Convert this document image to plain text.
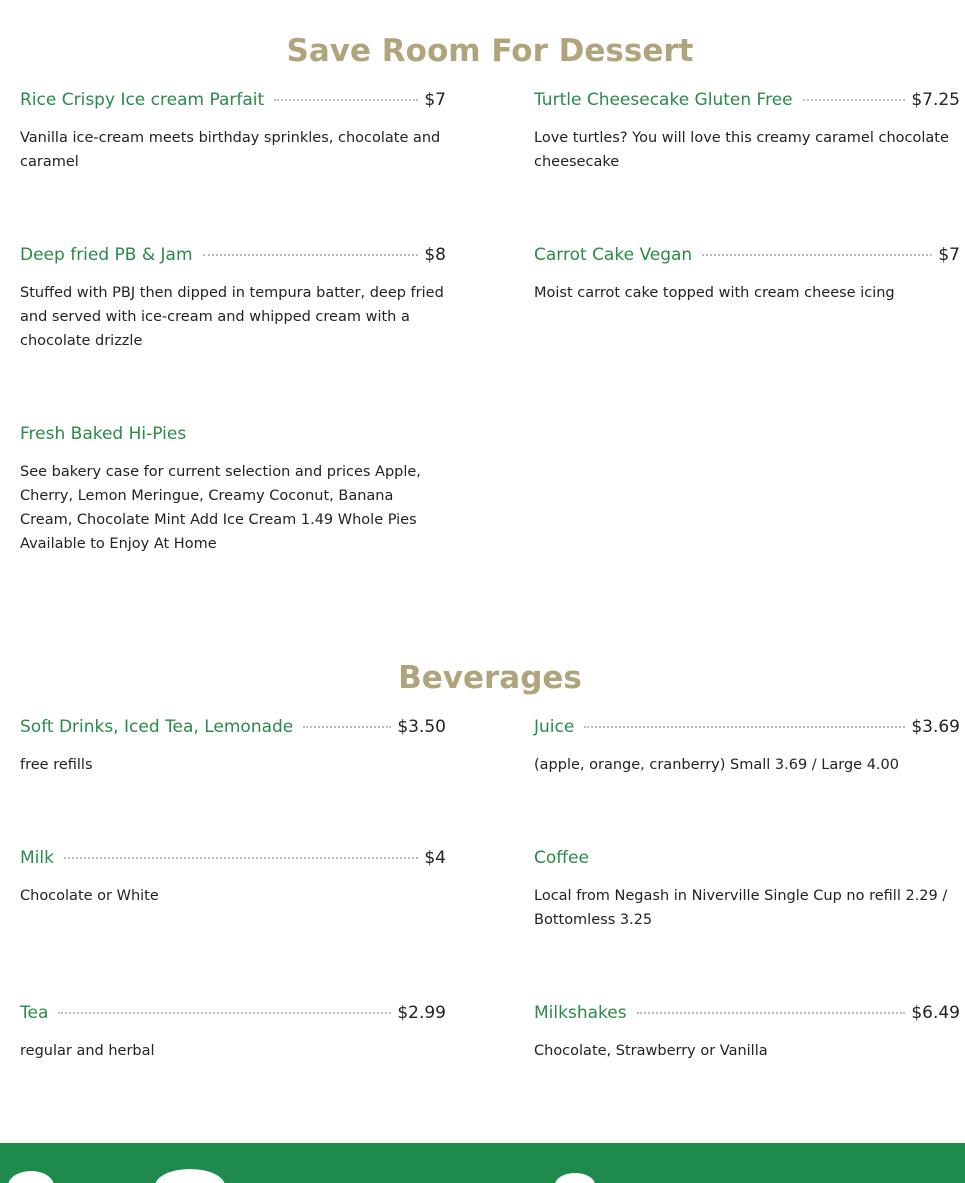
Save Room For Dessert
Rice Crispy Ice cream Parfait	$7
Vanilla ice-cream meets birthday sprinkles, chocolate and caramel
Turtle Cheesecake Gluten Free	$7.25
Love turtles? You will love this creamy caramel chocolate cheesecake
Deep fried PB & Jam	$8
Stuffed with PBJ then dipped in tempura batter, deep fried and served with ice-cream and whipped cream with a chocolate drizzle
Carrot Cake Vegan	$7
Moist carrot cake topped with cream cheese icing
Fresh Baked Hi-Pies
See bakery case for current selection and prices Apple, Cherry, Lemon Meringue, Creamy Coconut, Banana Cream, Chocolate Mint Add Ice Cream 1.49 Whole Pies Available to Enjoy At Home
Beverages
Soft Drinks, Iced Tea, Lemonade	$3.50
free refills
Juice	$3.69
(apple, orange, cranberry) Small 3.69 / Large 4.00
Milk	$4
Chocolate or White
Coffee
Local from Negash in Niverville Single Cup no refill 2.29 / Bottomless 3.25
Tea	$2.99
regular and herbal
Milkshakes	$6.49
Chocolate, Strawberry or Vanilla
